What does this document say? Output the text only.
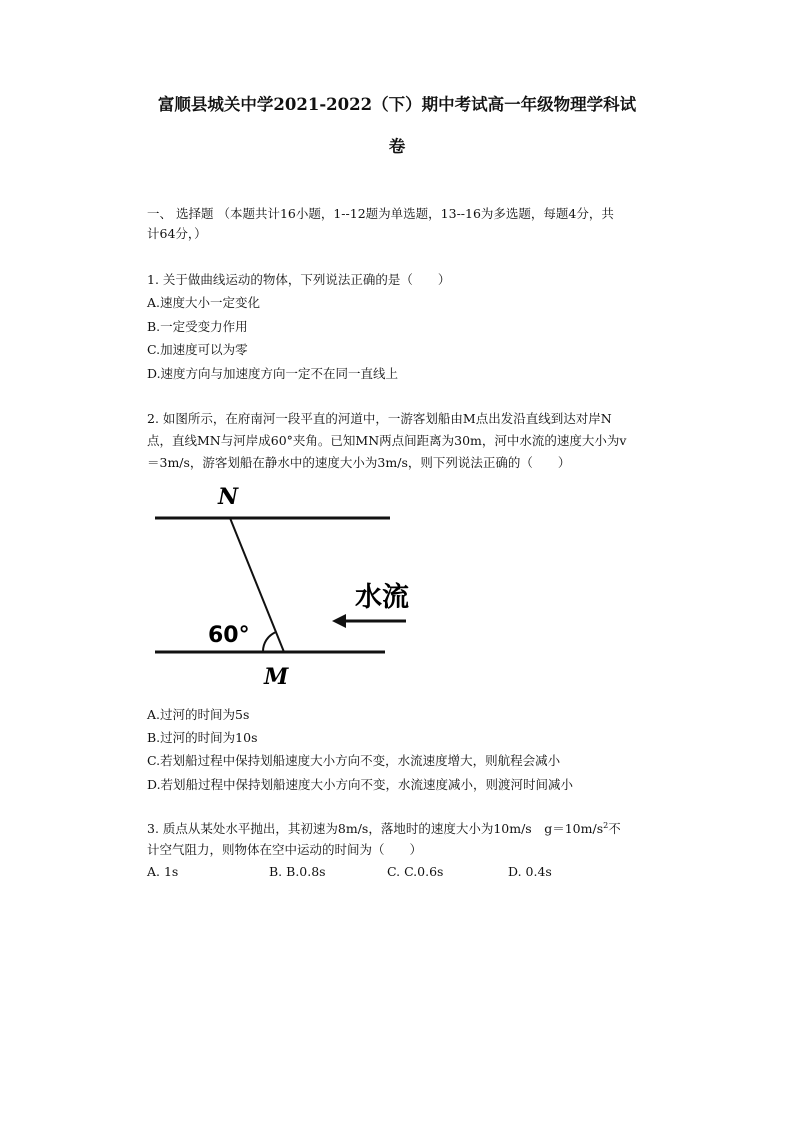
富顺县城关中学2021-2022（下）期中考试高一年级物理学科试
卷
一、 选择题 （本题共计16小题，1--12题为单选题，13--16为多选题，每题4分，共
计64分，）
1. 关于做曲线运动的物体，下列说法正确的是（　　）
A.速度大小一定变化
B.一定受变力作用
C.加速度可以为零
D.速度方向与加速度方向一定不在同一直线上
2. 如图所示，在府南河一段平直的河道中，一游客划船由M点出发沿直线到达对岸N
点，直线MN与河岸成60°夹角。已知MN两点间距离为30m，河中水流的速度大小为v
＝3m/s，游客划船在静水中的速度大小为3m/s，则下列说法正确的（　　）
N
M
60°
水流
A.过河的时间为5s
B.过河的时间为10s
C.若划船过程中保持划船速度大小方向不变，水流速度增大，则航程会减小
D.若划船过程中保持划船速度大小方向不变，水流速度减小，则渡河时间减小
3. 质点从某处水平抛出，其初速为8m/s，落地时的速度大小为10m/s　$g=10m/s^2$不
计空气阻力，则物体在空中运动的时间为（　　）
A. 1s	B. B.0.8s	C. C.0.6s	D. 0.4s
